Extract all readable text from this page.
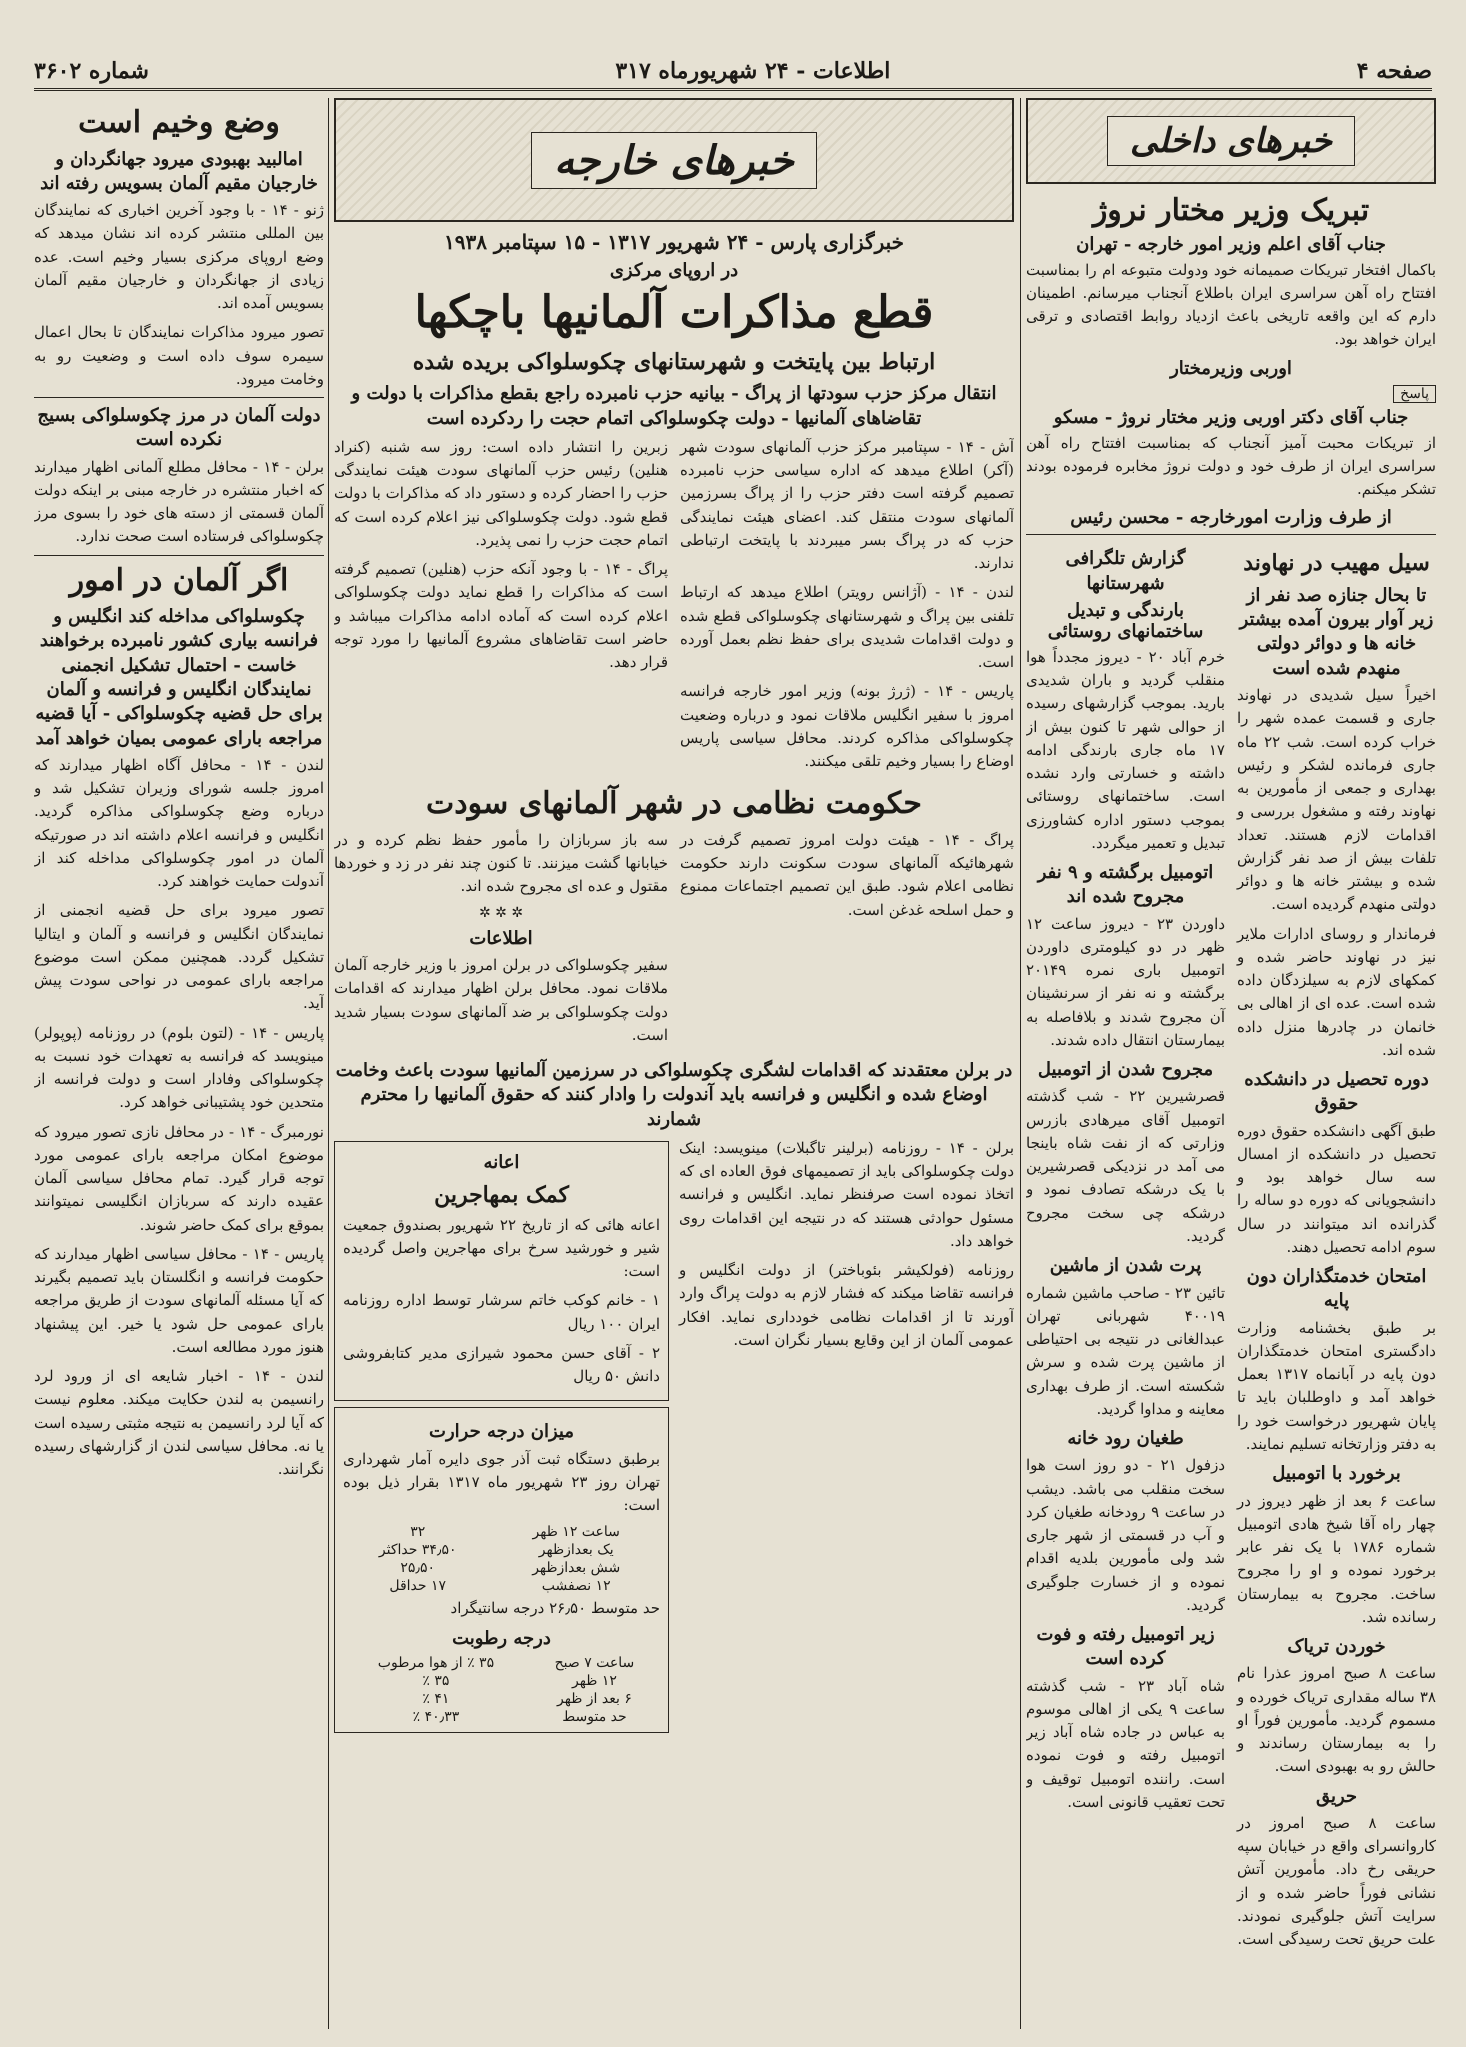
شماره ۳۶۰۲	اطلاعات - ۲۴ شهریورماه ۳۱۷	صفحه ۴
خبرهای داخلی
تبریک وزیر مختار نروژ
جناب آقای اعلم وزیر امور خارجه - تهران

باکمال افتخار تبریکات صمیمانه خود ودولت متبوعه ام را بمناسبت افتتاح راه آهن سراسری ایران باطلاع آنجناب میرسانم. اطمینان دارم که این واقعه تاریخی باعث ازدیاد روابط اقتصادی و ترقی ایران خواهد بود.

اوربی وزیرمختار
پاسخ
جناب آقای دکتر اوربی وزیر مختار نروژ - مسکو

از تبریکات محبت آمیز آنجناب که بمناسبت افتتاح راه آهن سراسری ایران از طرف خود و دولت نروژ مخابره فرموده بودند تشکر میکنم.

از طرف وزارت امورخارجه - محسن رئیس
سیل مهیب در نهاوند
تا بحال جنازه صد نفر از زیر آوار بیرون آمده بیشتر خانه ها و دوائر دولتی منهدم شده است

اخیراً سیل شدیدی در نهاوند جاری و قسمت عمده شهر را خراب کرده است. شب ۲۲ ماه جاری فرمانده لشکر و رئیس بهداری و جمعی از مأمورین به نهاوند رفته و مشغول بررسی و اقدامات لازم هستند. تعداد تلفات بیش از صد نفر گزارش شده و بیشتر خانه ها و دوائر دولتی منهدم گردیده است.

فرماندار و روسای ادارات ملایر نیز در نهاوند حاضر شده و کمکهای لازم به سیلزدگان داده شده است. عده ای از اهالی بی خانمان در چادرها منزل داده شده اند.

دوره تحصیل در دانشکده حقوق

طبق آگهی دانشکده حقوق دوره تحصیل در دانشکده از امسال سه سال خواهد بود و دانشجویانی که دوره دو ساله را گذرانده اند میتوانند در سال سوم ادامه تحصیل دهند.

امتحان خدمتگذاران دون پایه

بر طبق بخشنامه وزارت دادگستری امتحان خدمتگذاران دون پایه در آبانماه ۱۳۱۷ بعمل خواهد آمد و داوطلبان باید تا پایان شهریور درخواست خود را به دفتر وزارتخانه تسلیم نمایند.

برخورد با اتومبیل

ساعت ۶ بعد از ظهر دیروز در چهار راه آقا شیخ هادی اتومبیل شماره ۱۷۸۶ با یک نفر عابر برخورد نموده و او را مجروح ساخت. مجروح به بیمارستان رسانده شد.

خوردن تریاک

ساعت ۸ صبح امروز عذرا نام ۳۸ ساله مقداری تریاک خورده و مسموم گردید. مأمورین فوراً او را به بیمارستان رساندند و حالش رو به بهبودی است.

حریق

ساعت ۸ صبح امروز در کاروانسرای واقع در خیابان سپه حریقی رخ داد. مأمورین آتش نشانی فوراً حاضر شده و از سرایت آتش جلوگیری نمودند. علت حریق تحت رسیدگی است.

گزارش تلگرافی شهرستانها
بارندگی و تبدیل ساختمانهای روستائی

خرم آباد ۲۰ - دیروز مجدداً هوا منقلب گردید و باران شدیدی بارید. بموجب گزارشهای رسیده از حوالی شهر تا کنون بیش از ۱۷ ماه جاری بارندگی ادامه داشته و خسارتی وارد نشده است. ساختمانهای روستائی بموجب دستور اداره کشاورزی تبدیل و تعمیر میگردد.

اتومبیل برگشته و ۹ نفر مجروح شده اند

داوردن ۲۳ - دیروز ساعت ۱۲ ظهر در دو کیلومتری داوردن اتومبیل باری نمره ۲۰۱۴۹ برگشته و نه نفر از سرنشینان آن مجروح شدند و بلافاصله به بیمارستان انتقال داده شدند.

مجروح شدن از اتومبیل

قصرشیرین ۲۲ - شب گذشته اتومبیل آقای میرهادی بازرس وزارتی که از نفت شاه باینجا می آمد در نزدیکی قصرشیرین با یک درشکه تصادف نمود و درشکه چی سخت مجروح گردید.

پرت شدن از ماشین

تائین ۲۳ - صاحب ماشین شماره ۴۰۰۱۹ شهربانی تهران عبدالغانی در نتیجه بی احتیاطی از ماشین پرت شده و سرش شکسته است. از طرف بهداری معاینه و مداوا گردید.

طغیان رود خانه

دزفول ۲۱ - دو روز است هوا سخت منقلب می باشد. دیشب در ساعت ۹ رودخانه طغیان کرد و آب در قسمتی از شهر جاری شد ولی مأمورین بلدیه اقدام نموده و از خسارت جلوگیری گردید.

زیر اتومبیل رفته و فوت کرده است

شاه آباد ۲۳ - شب گذشته ساعت ۹ یکی از اهالی موسوم به عباس در جاده شاه آباد زیر اتومبیل رفته و فوت نموده است. راننده اتومبیل توقیف و تحت تعقیب قانونی است.

خبرهای خارجه
خبرگزاری پارس - ۲۴ شهریور ۱۳۱۷ - ۱۵ سپتامبر ۱۹۳۸
در اروپای مرکزی
قطع مذاکرات آلمانیها باچکها
ارتباط بین پایتخت و شهرستانهای چکوسلواکی بریده شده
انتقال مرکز حزب سودتها از پراگ - بیانیه حزب نامبرده راجع بقطع مذاکرات با دولت و تقاضاهای آلمانیها - دولت چکوسلواکی اتمام حجت را ردکرده است

آش - ۱۴ - سپتامبر مرکز حزب آلمانهای سودت شهر (آکر) اطلاع میدهد که اداره سیاسی حزب نامبرده تصمیم گرفته است دفتر حزب را از پراگ بسرزمین آلمانهای سودت منتقل کند. اعضای هیئت نمایندگی حزب که در پراگ بسر میبردند با پایتخت ارتباطی ندارند.

لندن - ۱۴ - (آژانس رویتر) اطلاع میدهد که ارتباط تلفنی بین پراگ و شهرستانهای چکوسلواکی قطع شده و دولت اقدامات شدیدی برای حفظ نظم بعمل آورده است.

پاریس - ۱۴ - (ژرژ بونه) وزیر امور خارجه فرانسه امروز با سفیر انگلیس ملاقات نمود و درباره وضعیت چکوسلواکی مذاکره کردند. محافل سیاسی پاریس اوضاع را بسیار وخیم تلقی میکنند.

زبرین را انتشار داده است: روز سه شنبه (کنراد هنلین) رئیس حزب آلمانهای سودت هیئت نمایندگی حزب را احضار کرده و دستور داد که مذاکرات با دولت قطع شود. دولت چکوسلواکی نیز اعلام کرده است که اتمام حجت حزب را نمی پذیرد.

پراگ - ۱۴ - با وجود آنکه حزب (هنلین) تصمیم گرفته است که مذاکرات را قطع نماید دولت چکوسلواکی اعلام کرده است که آماده ادامه مذاکرات میباشد و حاضر است تقاضاهای مشروع آلمانیها را مورد توجه قرار دهد.

حکومت نظامی در شهر آلمانهای سودت

پراگ - ۱۴ - هیئت دولت امروز تصمیم گرفت در شهرهائیکه آلمانهای سودت سکونت دارند حکومت نظامی اعلام شود. طبق این تصمیم اجتماعات ممنوع و حمل اسلحه غدغن است.

سه باز سربازان را مأمور حفظ نظم کرده و در خیابانها گشت میزنند. تا کنون چند نفر در زد و خوردها مقتول و عده ای مجروح شده اند.

✲ ✲ ✲
اطلاعات

سفیر چکوسلواکی در برلن امروز با وزیر خارجه آلمان ملاقات نمود. محافل برلن اظهار میدارند که اقدامات دولت چکوسلواکی بر ضد آلمانهای سودت بسیار شدید است.

در برلن معتقدند که اقدامات لشگری چکوسلواکی در سرزمین آلمانیها سودت باعث وخامت اوضاع شده و انگلیس و فرانسه باید آندولت را وادار کنند که حقوق آلمانیها را محترم شمارند

برلن - ۱۴ - روزنامه (برلینر تاگبلات) مینویسد: اینک دولت چکوسلواکی باید از تصمیمهای فوق العاده ای که اتخاذ نموده است صرفنظر نماید. انگلیس و فرانسه مسئول حوادثی هستند که در نتیجه این اقدامات روی خواهد داد.

روزنامه (فولکیشر بئوباختر) از دولت انگلیس و فرانسه تقاضا میکند که فشار لازم به دولت پراگ وارد آورند تا از اقدامات نظامی خودداری نماید. افکار عمومی آلمان از این وقایع بسیار نگران است.

اعانه
کمک بمهاجرین

اعانه هائی که از تاریخ ۲۲ شهریور بصندوق جمعیت شیر و خورشید سرخ برای مهاجرین واصل گردیده است:

۱ - خانم کوکب خاتم سرشار توسط اداره روزنامه ایران ۱۰۰ ریال

۲ - آقای حسن محمود شیرازی مدیر کتابفروشی دانش ۵۰ ریال

میزان درجه حرارت

برطبق دستگاه ثبت آذر جوی دایره آمار شهرداری تهران روز ۲۳ شهریور ماه ۱۳۱۷ بقرار ذیل بوده است:

ساعت ۱۲ ظهر	۳۲
یک بعدازظهر	۳۴٫۵۰ حداکثر
شش بعدازظهر	۲۵٫۵۰
۱۲ نصفشب	۱۷ حداقل

حد متوسط ۲۶٫۵۰ درجه سانتیگراد

درجه رطوبت
ساعت ۷ صبح	۳۵ ٪ از هوا مرطوب
۱۲ ظهر	۳۵ ٪
۶ بعد از ظهر	۴۱ ٪
حد متوسط	۴۰٫۳۳ ٪
وضع وخیم است
امالبید بهبودی میرود جهانگردان و خارجیان مقیم آلمان بسویس رفته اند

ژنو - ۱۴ - با وجود آخرین اخباری که نمایندگان بین المللی منتشر کرده اند نشان میدهد که وضع اروپای مرکزی بسیار وخیم است. عده زیادی از جهانگردان و خارجیان مقیم آلمان بسویس آمده اند.

تصور میرود مذاکرات نمایندگان تا بحال اعمال سیمره سوف داده است و وضعیت رو به وخامت میرود.

دولت آلمان در مرز چکوسلواکی بسیج نکرده است

برلن - ۱۴ - محافل مطلع آلمانی اظهار میدارند که اخبار منتشره در خارجه مبنی بر اینکه دولت آلمان قسمتی از دسته های خود را بسوی مرز چکوسلواکی فرستاده است صحت ندارد.

اگر آلمان در امور
چکوسلواکی مداخله کند انگلیس و فرانسه بیاری کشور نامبرده برخواهند خاست - احتمال تشکیل انجمنی نمایندگان انگلیس و فرانسه و آلمان برای حل قضیه چکوسلواکی - آیا قضیه مراجعه بارای عمومی بمیان خواهد آمد

لندن - ۱۴ - محافل آگاه اظهار میدارند که امروز جلسه شورای وزیران تشکیل شد و درباره وضع چکوسلواکی مذاکره گردید. انگلیس و فرانسه اعلام داشته اند در صورتیکه آلمان در امور چکوسلواکی مداخله کند از آندولت حمایت خواهند کرد.

تصور میرود برای حل قضیه انجمنی از نمایندگان انگلیس و فرانسه و آلمان و ایتالیا تشکیل گردد. همچنین ممکن است موضوع مراجعه بارای عمومی در نواحی سودت پیش آید.

پاریس - ۱۴ - (لتون بلوم) در روزنامه (پوپولر) مینویسد که فرانسه به تعهدات خود نسبت به چکوسلواکی وفادار است و دولت فرانسه از متحدین خود پشتیبانی خواهد کرد.

نورمبرگ - ۱۴ - در محافل نازی تصور میرود که موضوع امکان مراجعه بارای عمومی مورد توجه قرار گیرد. تمام محافل سیاسی آلمان عقیده دارند که سربازان انگلیسی نمیتوانند بموقع برای کمک حاضر شوند.

پاریس - ۱۴ - محافل سیاسی اظهار میدارند که حکومت فرانسه و انگلستان باید تصمیم بگیرند که آیا مسئله آلمانهای سودت از طریق مراجعه بارای عمومی حل شود یا خیر. این پیشنهاد هنوز مورد مطالعه است.

لندن - ۱۴ - اخبار شایعه ای از ورود لرد رانسیمن به لندن حکایت میکند. معلوم نیست که آیا لرد رانسیمن به نتیجه مثبتی رسیده است یا نه. محافل سیاسی لندن از گزارشهای رسیده نگرانند.
